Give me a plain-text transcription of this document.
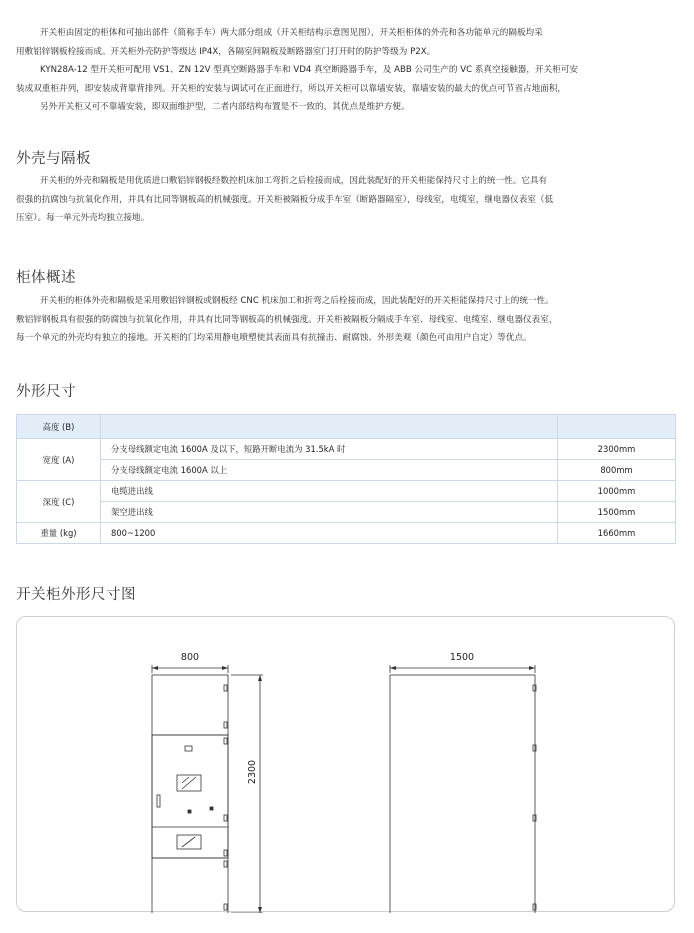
开关柜由固定的柜体和可抽出部件（简称手车）两大部分组成（开关柜结构示意图见图），开关柜柜体的外壳和各功能单元的隔板均采
用敷铝锌钢板栓接而成。开关柜外壳防护等级达 IP4X，各隔室间隔板及断路器室门打开时的防护等级为 P2X。
KYN28A-12 型开关柜可配用 VS1、ZN 12V 型真空断路器手车和 VD4 真空断路器手车，及 ABB 公司生产的 VC 系真空接触器，开关柜可安
装成双重柜并列，即安装成背靠背排列。开关柜的安装与调试可在正面进行，所以开关柜可以靠墙安装，靠墙安装的最大的优点可节省占地面积，
另外开关柜又可不靠墙安装，即双面维护型，二者内部结构布置是不一致的，其优点是维护方便。
外壳与隔板
开关柜的外壳和隔板是用优质进口敷铝锌钢板经数控机床加工弯折之后栓接而成，因此装配好的开关柜能保持尺寸上的统一性。它具有
很强的抗腐蚀与抗氧化作用，并具有比同等钢板高的机械强度。开关柜被隔板分成手车室（断路器隔室），母线室，电缆室，继电器仪表室（低
压室）。每一单元外壳均独立接地。
柜体概述
开关柜的柜体外壳和隔板是采用敷铝锌钢板或钢板经 CNC 机床加工和折弯之后栓接而成，因此装配好的开关柜能保持尺寸上的统一性。
敷铝锌钢板具有很强的防腐蚀与抗氧化作用，并具有比同等钢板高的机械强度。开关柜被隔板分隔成手车室、母线室、电缆室、继电器仪表室，
每一个单元的外壳均有独立的接地。开关柜的门均采用静电喷塑使其表面具有抗撞击、耐腐蚀、外形美观（颜色可由用户自定）等优点。
外形尺寸
高度 (B)		
宽度 (A)	分支母线额定电流 1600A 及以下，短路开断电流为 31.5kA 时	2300mm
	分支母线额定电流 1600A 以上	800mm
深度 (C)	电缆进出线	1000mm
	架空进出线	1500mm
重量 (kg)	800~1200	1660mm
开关柜外形尺寸图
800
2300
1500
